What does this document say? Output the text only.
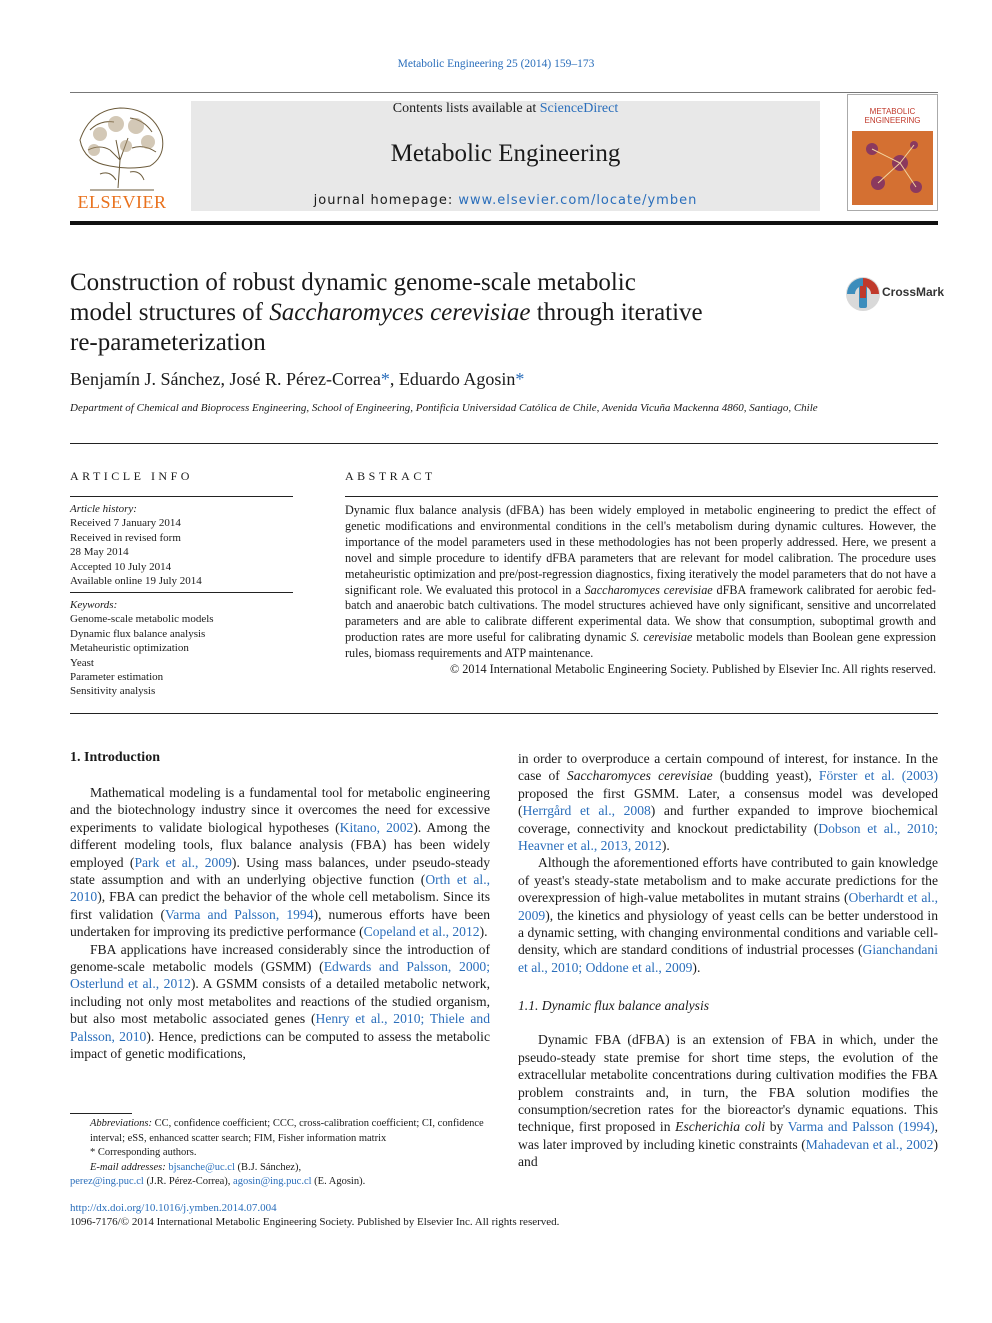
Metabolic Engineering 25 (2014) 159–173
ELSEVIER
Contents lists available at ScienceDirect
Metabolic Engineering
journal homepage: www.elsevier.com/locate/ymben
METABOLIC
ENGINEERING
Construction of robust dynamic genome-scale metabolic
model structures of Saccharomyces cerevisiae through iterative
re-parameterization
CrossMark
Benjamín J. Sánchez, José R. Pérez-Correa*, Eduardo Agosin*
Department of Chemical and Bioprocess Engineering, School of Engineering, Pontificia Universidad Católica de Chile, Avenida Vicuña Mackenna 4860, Santiago, Chile
ARTICLE INFO	ABSTRACT
Article history:
Received 7 January 2014
Received in revised form
28 May 2014
Accepted 10 July 2014
Available online 19 July 2014
Keywords:
Genome-scale metabolic models
Dynamic flux balance analysis
Metaheuristic optimization
Yeast
Parameter estimation
Sensitivity analysis
Dynamic flux balance analysis (dFBA) has been widely employed in metabolic engineering to predict the effect of genetic modifications and environmental conditions in the cell's metabolism during dynamic cultures. However, the importance of the model parameters used in these methodologies has not been properly addressed. Here, we present a novel and simple procedure to identify dFBA parameters that are relevant for model calibration. The procedure uses metaheuristic optimization and pre/post-regression diagnostics, fixing iteratively the model parameters that do not have a significant role. We evaluated this protocol in a Saccharomyces cerevisiae dFBA framework calibrated for aerobic fed-batch and anaerobic batch cultivations. The model structures achieved have only significant, sensitive and uncorrelated parameters and are able to calibrate different experimental data. We show that consumption, suboptimal growth and production rates are more useful for calibrating dynamic S. cerevisiae metabolic models than Boolean gene expression rules, biomass requirements and ATP maintenance.
© 2014 International Metabolic Engineering Society. Published by Elsevier Inc. All rights reserved.
1. Introduction

Mathematical modeling is a fundamental tool for metabolic engineering and the biotechnology industry since it overcomes the need for excessive experiments to validate biological hypotheses (Kitano, 2002). Among the different modeling tools, flux balance analysis (FBA) has been widely employed (Park et al., 2009). Using mass balances, under pseudo-steady state assumption and with an underlying objective function (Orth et al., 2010), FBA can predict the behavior of the whole cell metabolism. Since its first validation (Varma and Palsson, 1994), numerous efforts have been undertaken for improving its predictive performance (Copeland et al., 2012).

FBA applications have increased considerably since the introduction of genome-scale metabolic models (GSMM) (Edwards and Palsson, 2000; Osterlund et al., 2012). A GSMM consists of a detailed metabolic network, including not only most metabolites and reactions of the studied organism, but also most metabolic associated genes (Henry et al., 2010; Thiele and Palsson, 2010). Hence, predictions can be computed to assess the metabolic impact of genetic modifications,

in order to overproduce a certain compound of interest, for instance. In the case of Saccharomyces cerevisiae (budding yeast), Förster et al. (2003) proposed the first GSMM. Later, a consensus model was developed (Herrgård et al., 2008) and further expanded to improve biochemical coverage, connectivity and knockout predictability (Dobson et al., 2010; Heavner et al., 2013, 2012).

Although the aforementioned efforts have contributed to gain knowledge of yeast's steady-state metabolism and to make accurate predictions for the overexpression of high-value metabolites in mutant strains (Oberhardt et al., 2009), the kinetics and physiology of yeast cells can be better understood in a dynamic setting, with changing environmental conditions and variable cell-density, which are standard conditions of industrial processes (Gianchandani et al., 2010; Oddone et al., 2009).

1.1. Dynamic flux balance analysis

Dynamic FBA (dFBA) is an extension of FBA in which, under the pseudo-steady state premise for short time steps, the evolution of the extracellular metabolite concentrations during cultivation modifies the FBA problem constraints and, in turn, the FBA solution modifies the consumption/secretion rates for the bioreactor's dynamic equations. This technique, first proposed in Escherichia coli by Varma and Palsson (1994), was later improved by including kinetic constraints (Mahadevan et al., 2002) and

Abbreviations: CC, confidence coefficient; CCC, cross-calibration coefficient; CI, confidence interval; eSS, enhanced scatter search; FIM, Fisher information matrix
* Corresponding authors.
E-mail addresses: bjsanche@uc.cl (B.J. Sánchez),
perez@ing.puc.cl (J.R. Pérez-Correa), agosin@ing.puc.cl (E. Agosin).
http://dx.doi.org/10.1016/j.ymben.2014.07.004
1096-7176/© 2014 International Metabolic Engineering Society. Published by Elsevier Inc. All rights reserved.
